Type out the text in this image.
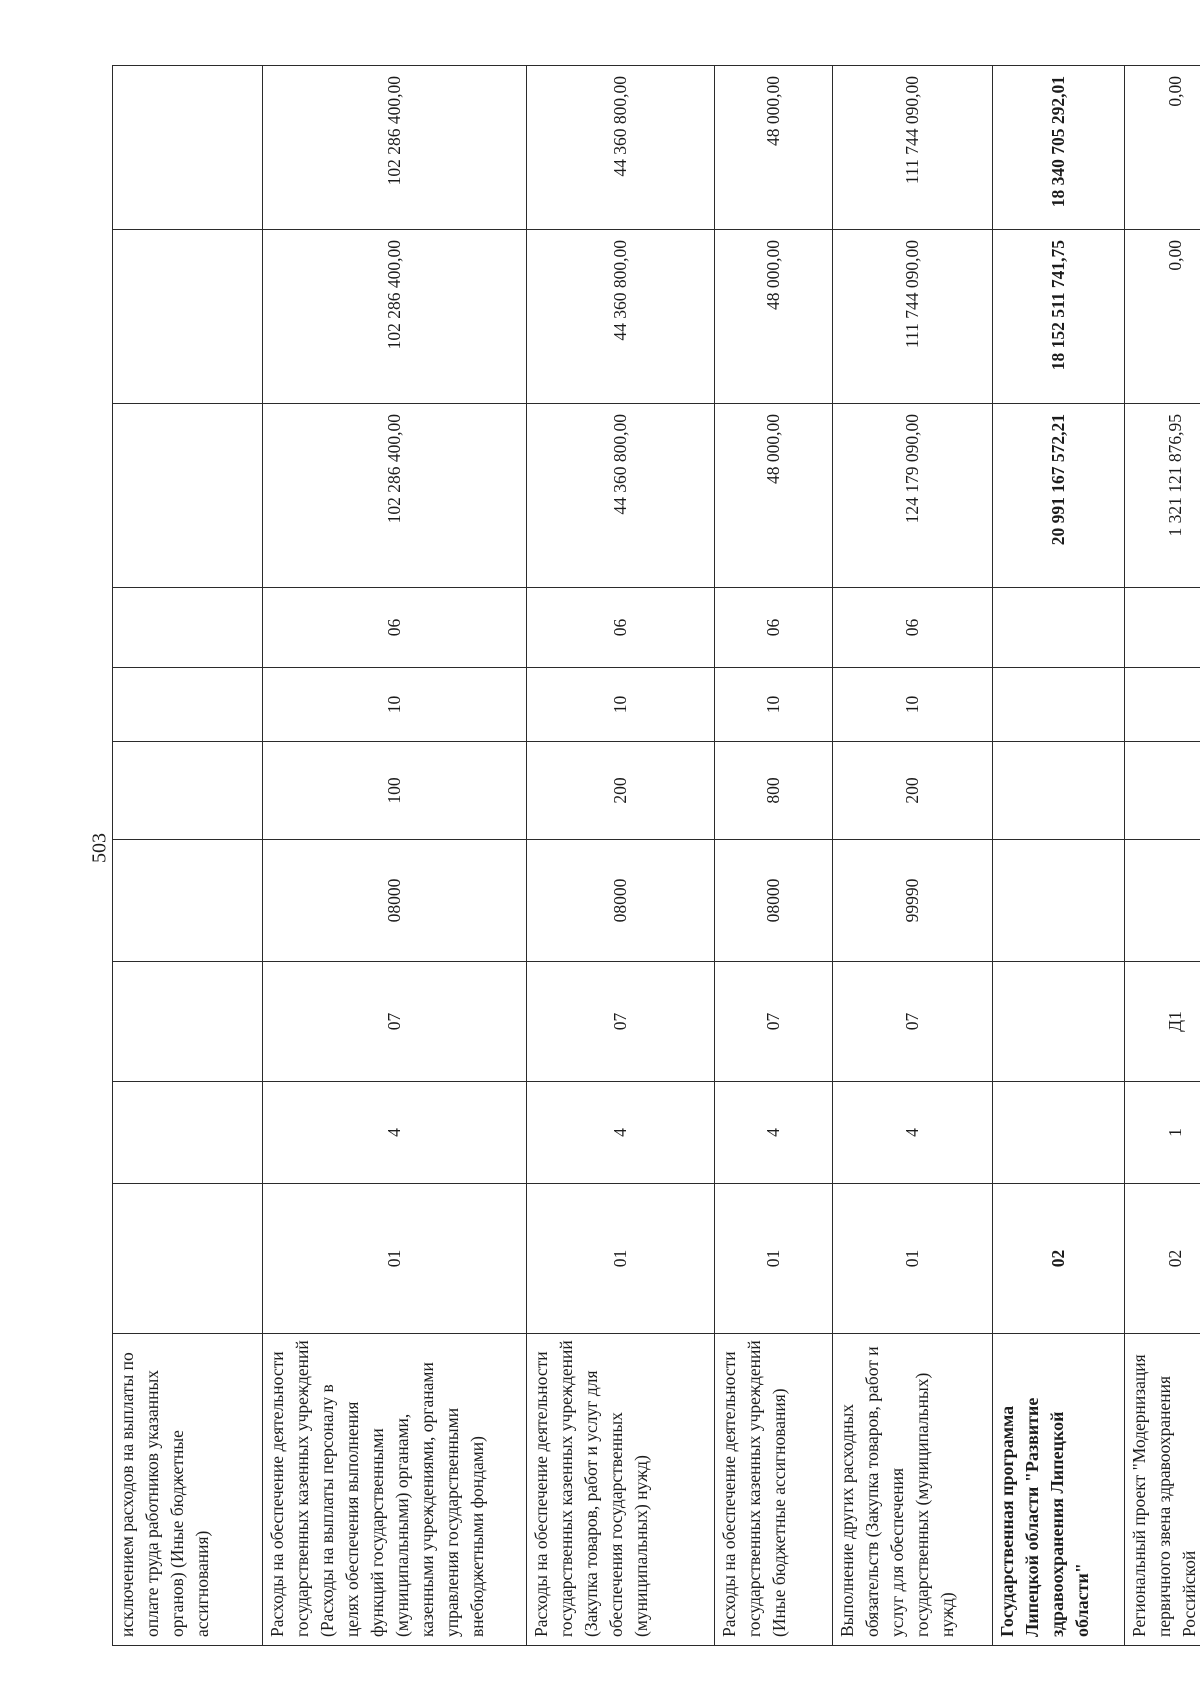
503
исключением расходов на выплаты по оплате труда работников указанных органов) (Иные бюджетные ассигнования)										
Расходы на обеспечение деятельности государственных казенных учреждений (Расходы на выплаты персоналу в целях обеспечения выполнения функций государственными (муниципальными) органами, казенными учреждениями, органами управления государственными внебюджетными фондами)	01	4	07	08000	100	10	06	102 286 400,00	102 286 400,00	102 286 400,00
Расходы на обеспечение деятельности государственных казенных учреждений (Закупка товаров, работ и услуг для обеспечения государственных (муниципальных) нужд)	01	4	07	08000	200	10	06	44 360 800,00	44 360 800,00	44 360 800,00
Расходы на обеспечение деятельности государственных казенных учреждений (Иные бюджетные ассигнования)	01	4	07	08000	800	10	06	48 000,00	48 000,00	48 000,00
Выполнение других расходных обязательств (Закупка товаров, работ и услуг для обеспечения государственных (муниципальных) нужд)	01	4	07	99990	200	10	06	124 179 090,00	111 744 090,00	111 744 090,00
Государственная программа Липецкой области "Развитие здравоохранения Липецкой области"	02							20 991 167 572,21	18 152 511 741,75	18 340 705 292,01
Региональный проект "Модернизация первичного звена здравоохранения Российской	02	1	Д1					1 321 121 876,95	0,00	0,00
